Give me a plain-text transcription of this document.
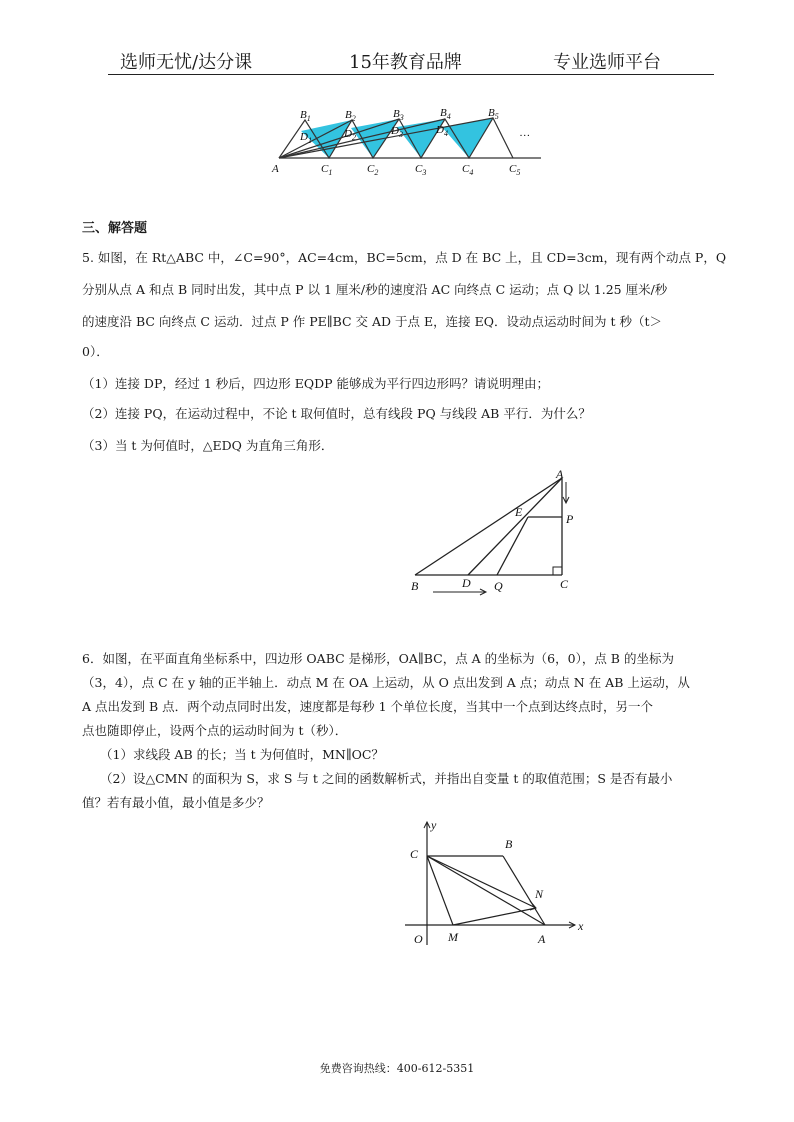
选师无忧/达分课	15年教育品牌	专业选师平台
$B_1$	$B_2$	$B_3$	$B_4$	$B_5$
$D_1$
$D_2$
$D_3$	$D_4$
A	$C_1$	$C_2$	$C_3$	$C_4$	$C_5$
…
三、解答题
5. 如图，在 Rt△ABC 中，∠C=90°，AC=4cm，BC=5cm，点 D 在 BC 上，且 CD=3cm，现有两个动点 P，Q
分别从点 A 和点 B 同时出发，其中点 P 以 1 厘米/秒的速度沿 AC 向终点 C 运动；点 Q 以 1.25 厘米/秒
的速度沿 BC 向终点 C 运动．过点 P 作 PE∥BC 交 AD 于点 E，连接 EQ．设动点运动时间为 t 秒（t＞
0）．
（1）连接 DP，经过 1 秒后，四边形 EQDP 能够成为平行四边形吗？请说明理由；
（2）连接 PQ，在运动过程中，不论 t 取何值时，总有线段 PQ 与线段 AB 平行．为什么？
（3）当 t 为何值时，△EDQ 为直角三角形．
A
E	P
B	D Q	C
6．如图，在平面直角坐标系中，四边形 OABC 是梯形，OA∥BC，点 A 的坐标为（6，0），点 B 的坐标为
（3，4），点 C 在 y 轴的正半轴上．动点 M 在 OA 上运动，从 O 点出发到 A 点；动点 N 在 AB 上运动，从
A 点出发到 B 点．两个动点同时出发，速度都是每秒 1 个单位长度，当其中一个点到达终点时，另一个
点也随即停止，设两个点的运动时间为 t（秒）．
（1）求线段 AB 的长；当 t 为何值时，MN∥OC？
（2）设△CMN 的面积为 S，求 S 与 t 之间的函数解析式，并指出自变量 t 的取值范围；S 是否有最小
值？若有最小值，最小值是多少？
y
x
C
B
N
O M	A
免费咨询热线：400-612-5351
